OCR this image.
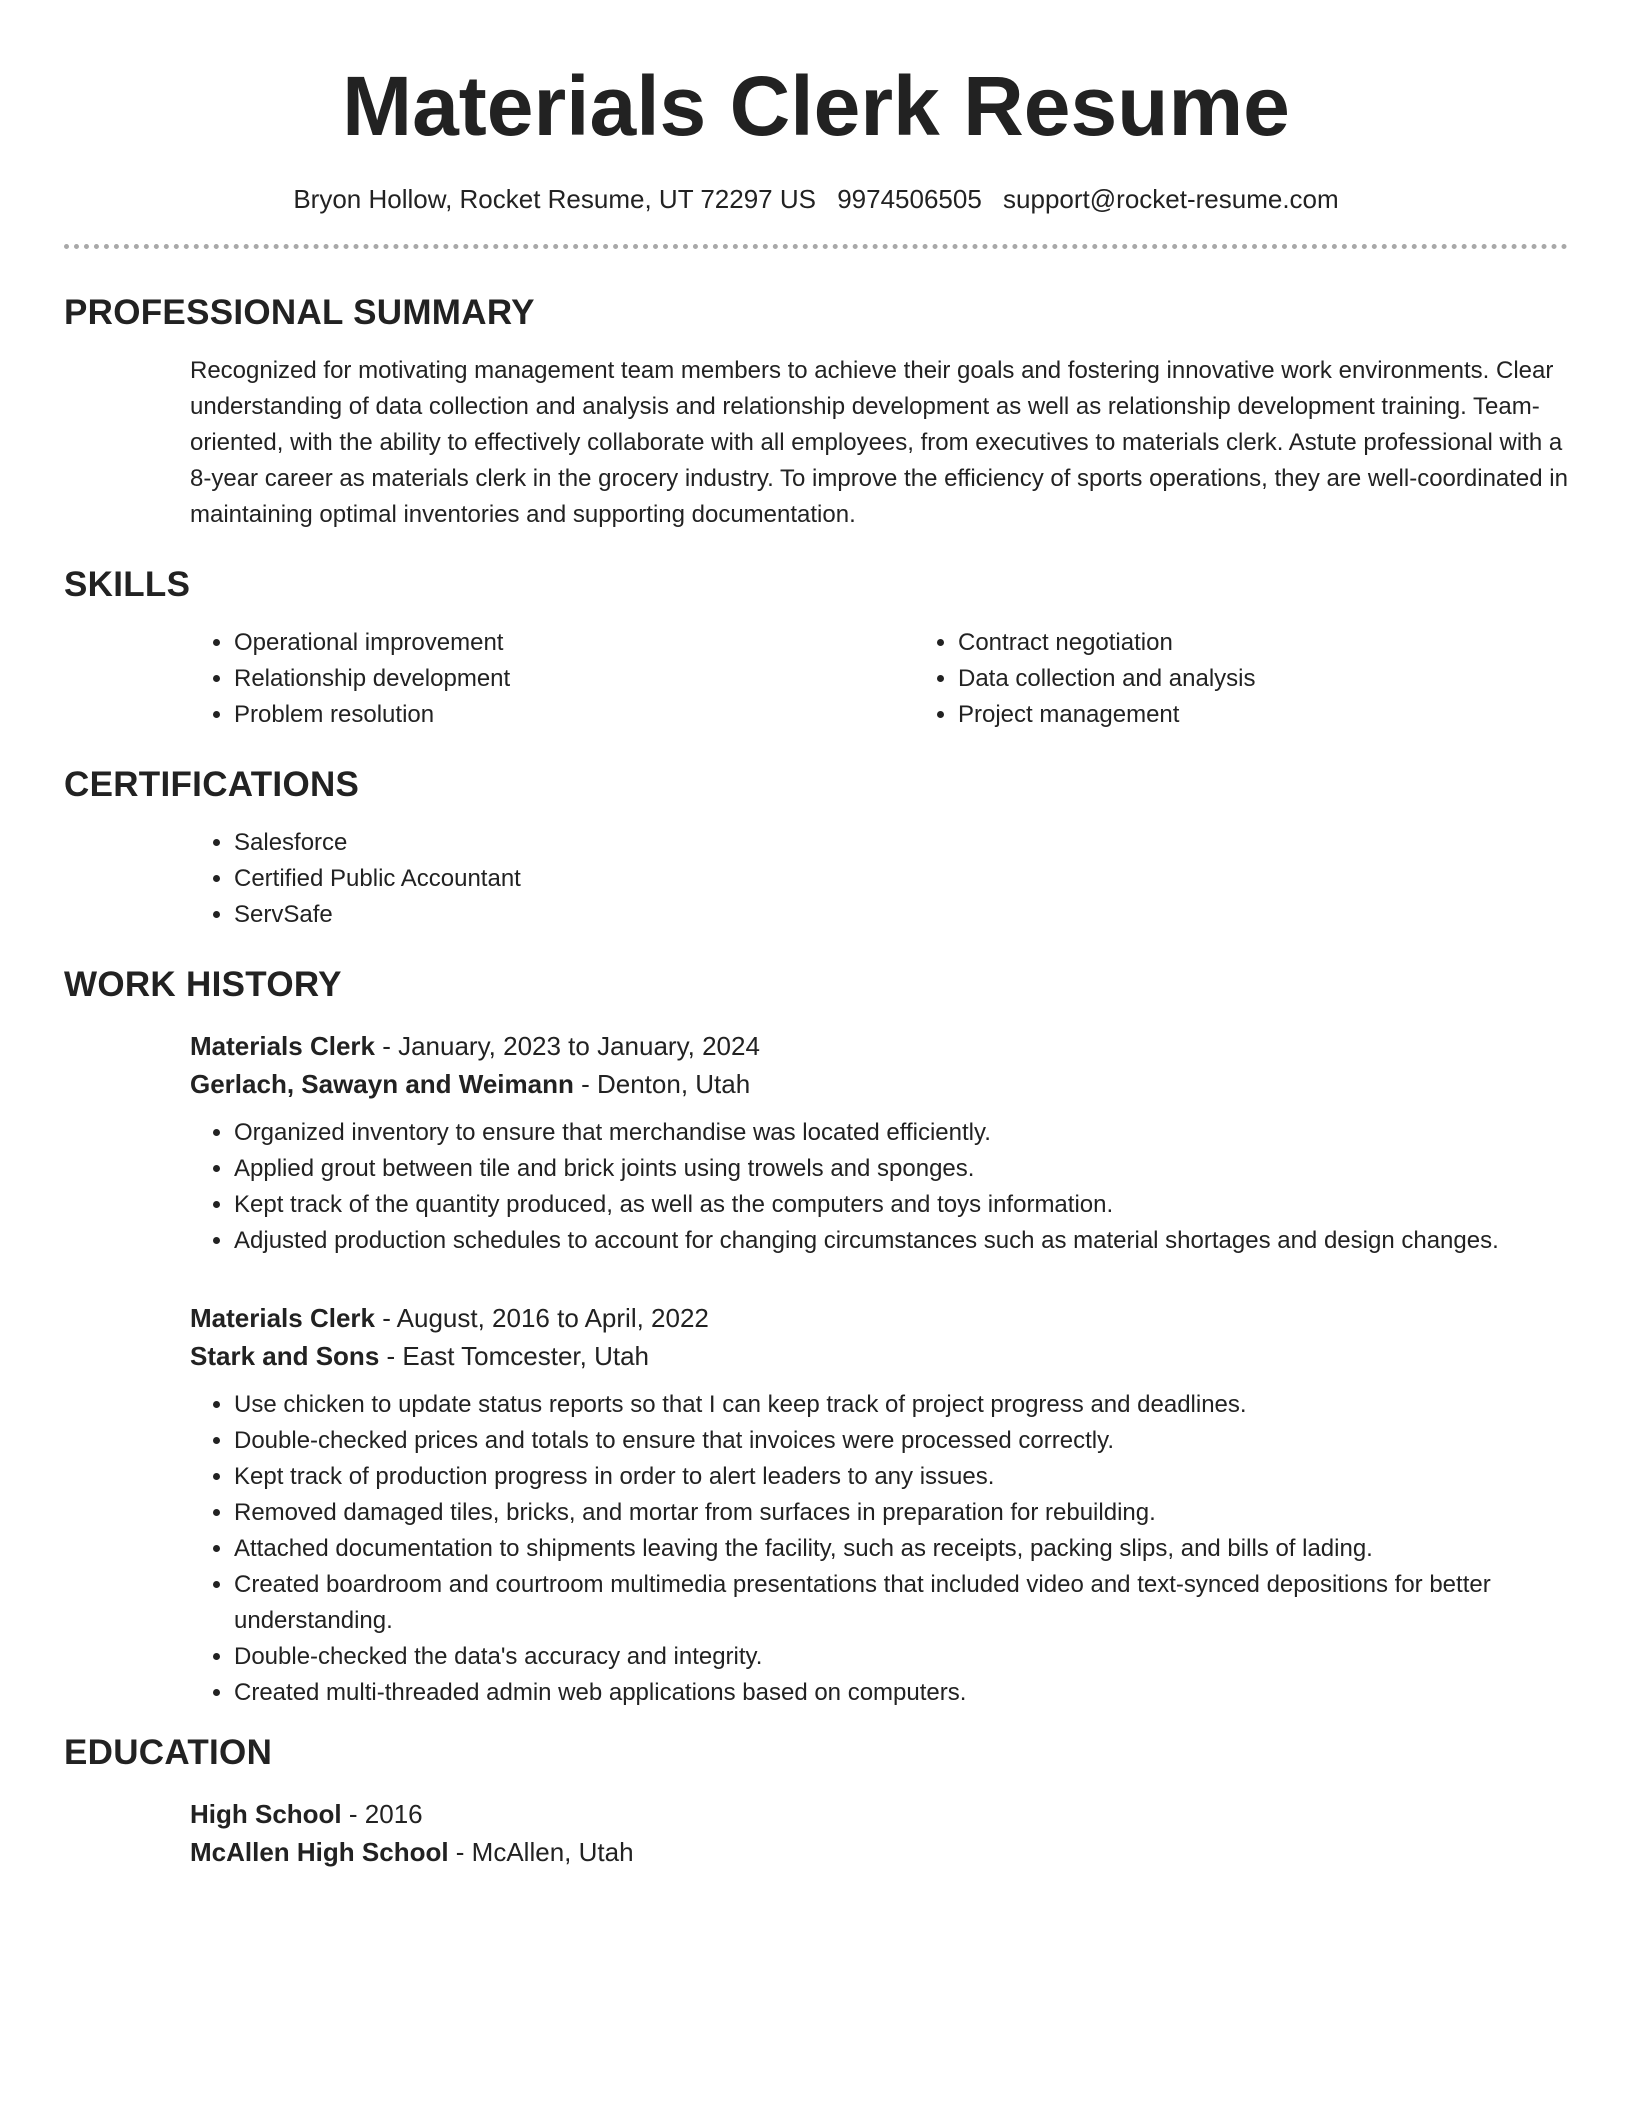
Materials Clerk Resume
Bryon Hollow, Rocket Resume, UT 72297 US 9974506505 support@rocket-resume.com
PROFESSIONAL SUMMARY

Recognized for motivating management team members to achieve their goals and fostering innovative work environments. Clear understanding of data collection and analysis and relationship development as well as relationship development training. Team-oriented, with the ability to effectively collaborate with all employees, from executives to materials clerk. Astute professional with a 8-year career as materials clerk in the grocery industry. To improve the efficiency of sports operations, they are well-coordinated in maintaining optimal inventories and supporting documentation.

SKILLS
• Operational improvement
• Relationship development
• Problem resolution
• Contract negotiation
• Data collection and analysis
• Project management
CERTIFICATIONS
• Salesforce
• Certified Public Accountant
• ServSafe
WORK HISTORY
Materials Clerk - January, 2023 to January, 2024
Gerlach, Sawayn and Weimann - Denton, Utah
• Organized inventory to ensure that merchandise was located efficiently.
• Applied grout between tile and brick joints using trowels and sponges.
• Kept track of the quantity produced, as well as the computers and toys information.
• Adjusted production schedules to account for changing circumstances such as material shortages and design changes.
Materials Clerk - August, 2016 to April, 2022
Stark and Sons - East Tomcester, Utah
• Use chicken to update status reports so that I can keep track of project progress and deadlines.
• Double-checked prices and totals to ensure that invoices were processed correctly.
• Kept track of production progress in order to alert leaders to any issues.
• Removed damaged tiles, bricks, and mortar from surfaces in preparation for rebuilding.
• Attached documentation to shipments leaving the facility, such as receipts, packing slips, and bills of lading.
• Created boardroom and courtroom multimedia presentations that included video and text-synced depositions for better understanding.
• Double-checked the data's accuracy and integrity.
• Created multi-threaded admin web applications based on computers.
EDUCATION
High School - 2016
McAllen High School - McAllen, Utah
